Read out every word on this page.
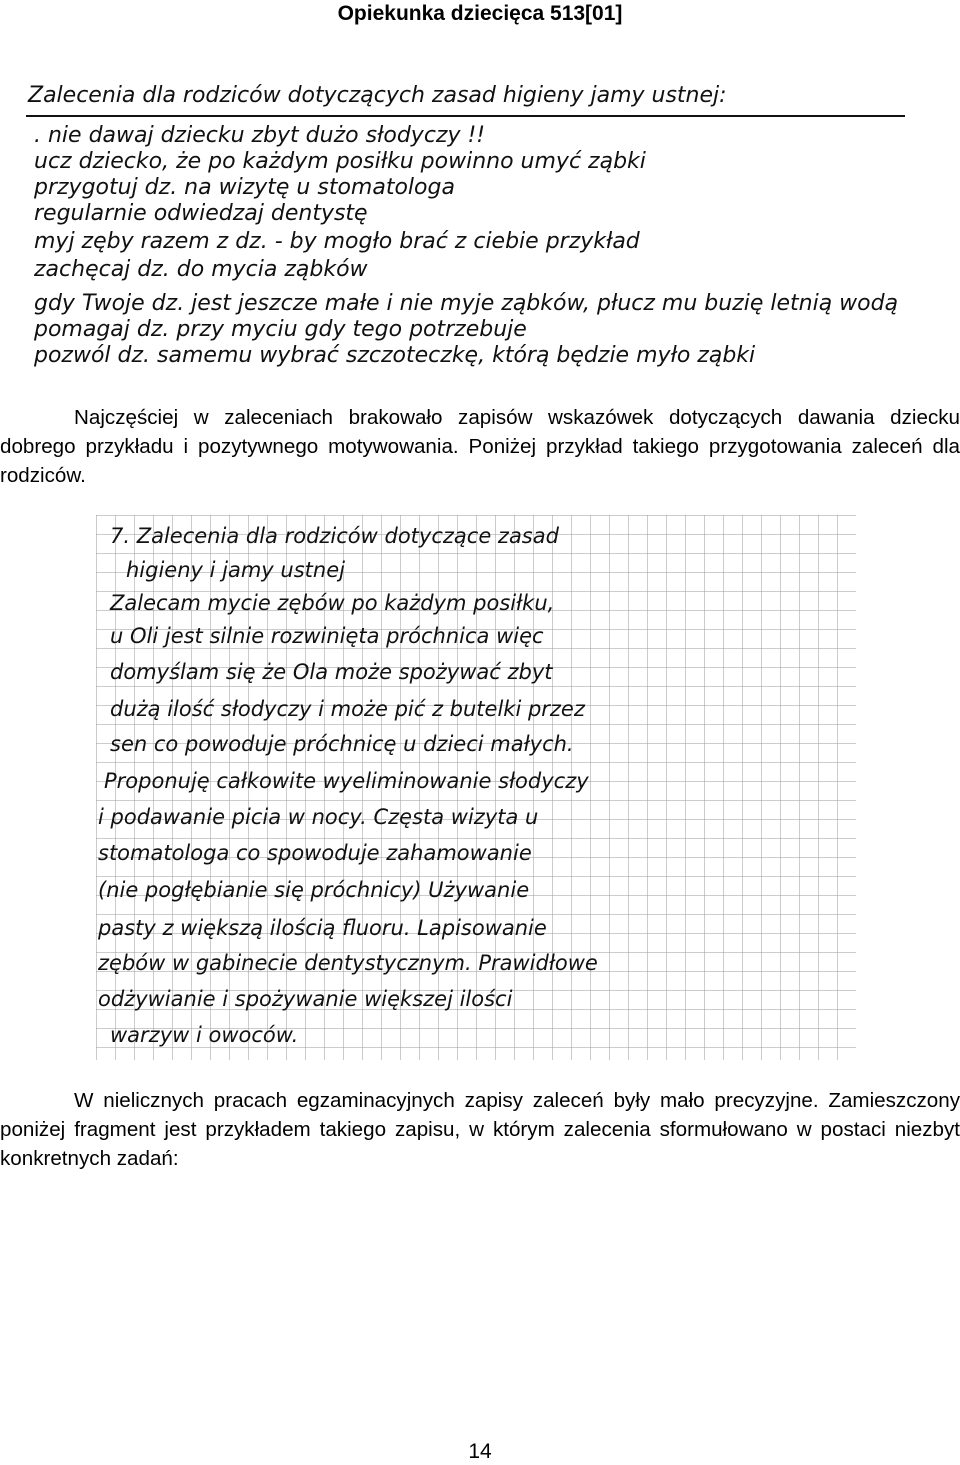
Opiekunka dziecięca 513[01]
Zalecenia dla rodziców dotyczących zasad higieny jamy ustnej:
. nie dawaj dziecku zbyt dużo słodyczy !!
ucz dziecko, że po każdym posiłku powinno umyć ząbki
przygotuj dz. na wizytę u stomatologa
regularnie odwiedzaj dentystę
myj zęby razem z dz. - by mogło brać z ciebie przykład
zachęcaj dz. do mycia ząbków
gdy Twoje dz. jest jeszcze małe i nie myje ząbków, płucz mu buzię letnią wodą
pomagaj dz. przy myciu gdy tego potrzebuje
pozwól dz. samemu wybrać szczoteczkę, którą będzie myło ząbki
Najczęściej w zaleceniach brakowało zapisów wskazówek dotyczących dawania dziecku dobrego przykładu i pozytywnego motywowania. Poniżej przykład takiego przygotowania zaleceń dla rodziców.
7. Zalecenia dla rodziców dotyczące zasad
higieny i jamy ustnej
Zalecam mycie zębów po każdym posiłku,
u Oli jest silnie rozwinięta próchnica więc
domyślam się że Ola może spożywać zbyt
dużą ilość słodyczy i może pić z butelki przez
sen co powoduje próchnicę u dzieci małych.
Proponuję całkowite wyeliminowanie słodyczy
i podawanie picia w nocy. Częsta wizyta u
stomatologa co spowoduje zahamowanie
(nie pogłębianie się próchnicy) Używanie
pasty z większą ilością fluoru. Lapisowanie
zębów w gabinecie dentystycznym. Prawidłowe
odżywianie i spożywanie większej ilości
warzyw i owoców.
W nielicznych pracach egzaminacyjnych zapisy zaleceń były mało precyzyjne. Zamieszczony poniżej fragment jest przykładem takiego zapisu, w którym zalecenia sformułowano w postaci niezbyt konkretnych zadań:
14
